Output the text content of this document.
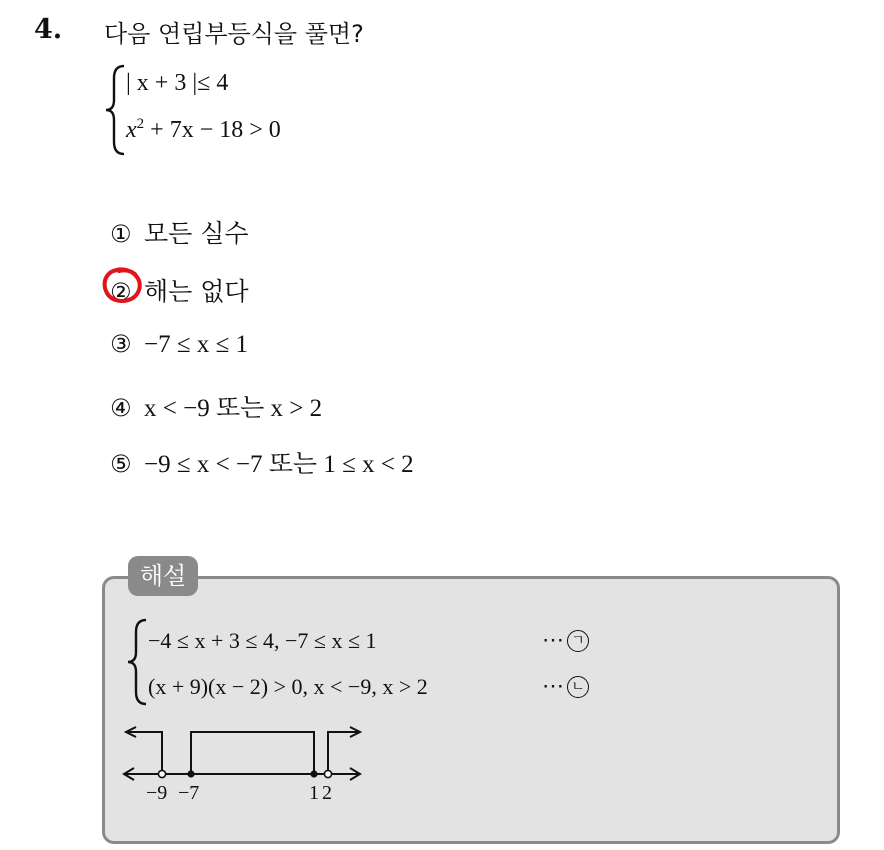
4. 다음 연립부등식을 풀면?
| x + 3 |≤ 4
$x^2 + 7x - 18 > 0$
① 모든 실수
② 해는 없다
③ −7 ≤ x ≤ 1
④ x < −9 또는 x > 2
⑤ −9 ≤ x < −7 또는 1 ≤ x < 2
해설
−4 ≤ x + 3 ≤ 4, −7 ≤ x ≤ 1	⋯ ㄱ
(x + 9)(x − 2) > 0, x < −9, x > 2	⋯ ㄴ
−9 −7	1 2
